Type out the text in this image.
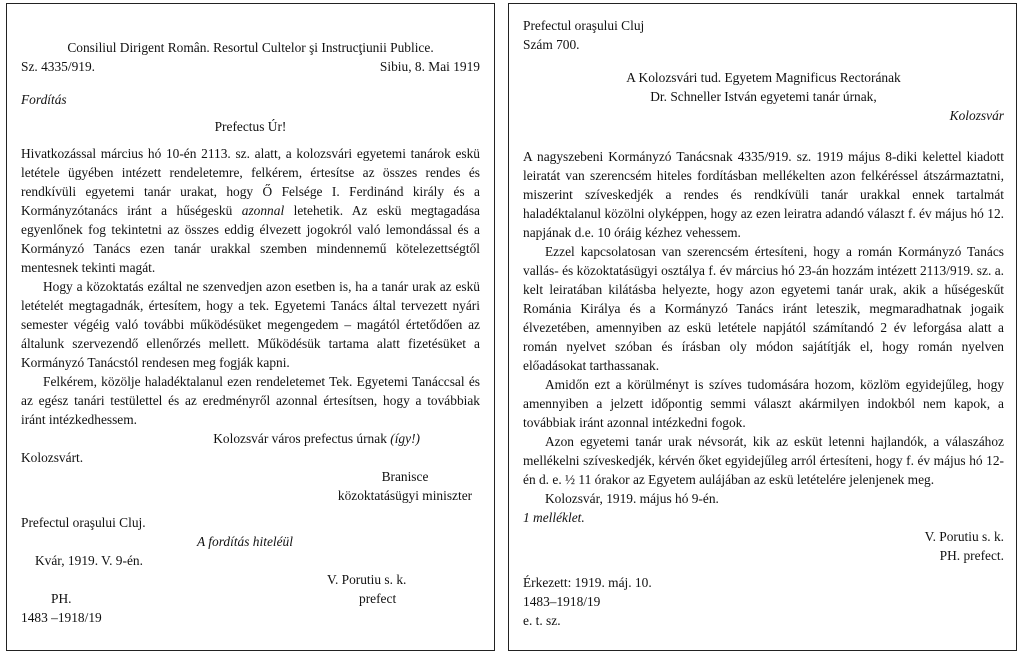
Consiliul Dirigent Român. Resortul Cultelor şi Instrucţiunii Publice.
Sz. 4335/919.	Sibiu, 8. Mai 1919
Fordítás
Prefectus Úr!

Hivatkozással március hó 10-én 2113. sz. alatt, a kolozsvári egyetemi tanárok eskü letétele ügyében intézett rendeletemre, felkérem, értesítse az összes rendes és rendkívüli egyetemi tanár urakat, hogy Ő Felsége I. Ferdinánd király és a Kormányzótanács iránt a hűségeskü azonnal letehetik. Az eskü megtagadása egyenlőnek fog tekintetni az összes eddig élvezett jogokról való lemondással és a Kormányzó Tanács ezen tanár urakkal szemben mindennemű kötelezettségtől mentesnek tekinti magát.

Hogy a közoktatás ezáltal ne szenvedjen azon esetben is, ha a tanár urak az eskü letételét megtagadnák, értesítem, hogy a tek. Egyetemi Tanács által tervezett nyári semester végéig való további működésüket megengedem – magától értetődően az általunk szervezendő ellenőrzés mellett. Működésük tartama alatt fizetésüket a Kormányzó Tanácstól rendesen meg fogják kapni.

Felkérem, közölje haladéktalanul ezen rendeletemet Tek. Egyetemi Tanáccsal és az egész tanári testülettel és az eredményről azonnal értesítsen, hogy a továbbiak iránt intézkedhessem.

Kolozsvár város prefectus úrnak (így!)
Kolozsvárt.
Branisce
közoktatásügyi miniszter
Prefectul oraşului Cluj.
A fordítás hiteléül
Kvár, 1919. V. 9-én.
V. Porutiu s. k.
PH.	prefect
1483 –1918/19
Prefectul oraşului Cluj
Szám 700.
A Kolozsvári tud. Egyetem Magnificus Rectorának
Dr. Schneller István egyetemi tanár úrnak,
Kolozsvár

A nagyszebeni Kormányzó Tanácsnak 4335/919. sz. 1919 május 8-diki kelettel kiadott leiratát van szerencsém hiteles fordításban mellékelten azon felkéréssel átszármaztatni, miszerint szíveskedjék a rendes és rendkívüli tanár urakkal ennek tartalmát haladéktalanul közölni olyképpen, hogy az ezen leiratra adandó választ f. év május hó 12. napjának d.e. 10 óráig kézhez vehessem.

Ezzel kapcsolatosan van szerencsém értesíteni, hogy a román Kormányzó Tanács vallás- és közoktatásügyi osztálya f. év március hó 23-án hozzám intézett 2113/919. sz. a. kelt leiratában kilátásba helyezte, hogy azon egyetemi tanár urak, akik a hűségeskűt Románia Királya és a Kormányzó Tanács iránt leteszik, megmaradhatnak jogaik élvezetében, amennyiben az eskü letétele napjától számítandó 2 év leforgása alatt a román nyelvet szóban és írásban oly módon sajátítják el, hogy román nyelven előadásokat tarthassanak.

Amidőn ezt a körülményt is szíves tudomására hozom, közlöm egyidejűleg, hogy amennyiben a jelzett időpontig semmi választ akármilyen indokból nem kapok, a továbbiak iránt azonnal intézkedni fogok.

Azon egyetemi tanár urak névsorát, kik az esküt letenni hajlandók, a válaszához mellékelni szíveskedjék, kérvén őket egyidejűleg arról értesíteni, hogy f. év május hó 12-én d. e. ½ 11 órakor az Egyetem aulájában az eskü letételére jelenjenek meg.

Kolozsvár, 1919. május hó 9-én.
1 melléklet.
V. Porutiu s. k.
PH. prefect.
Érkezett: 1919. máj. 10.
1483–1918/19
e. t. sz.
